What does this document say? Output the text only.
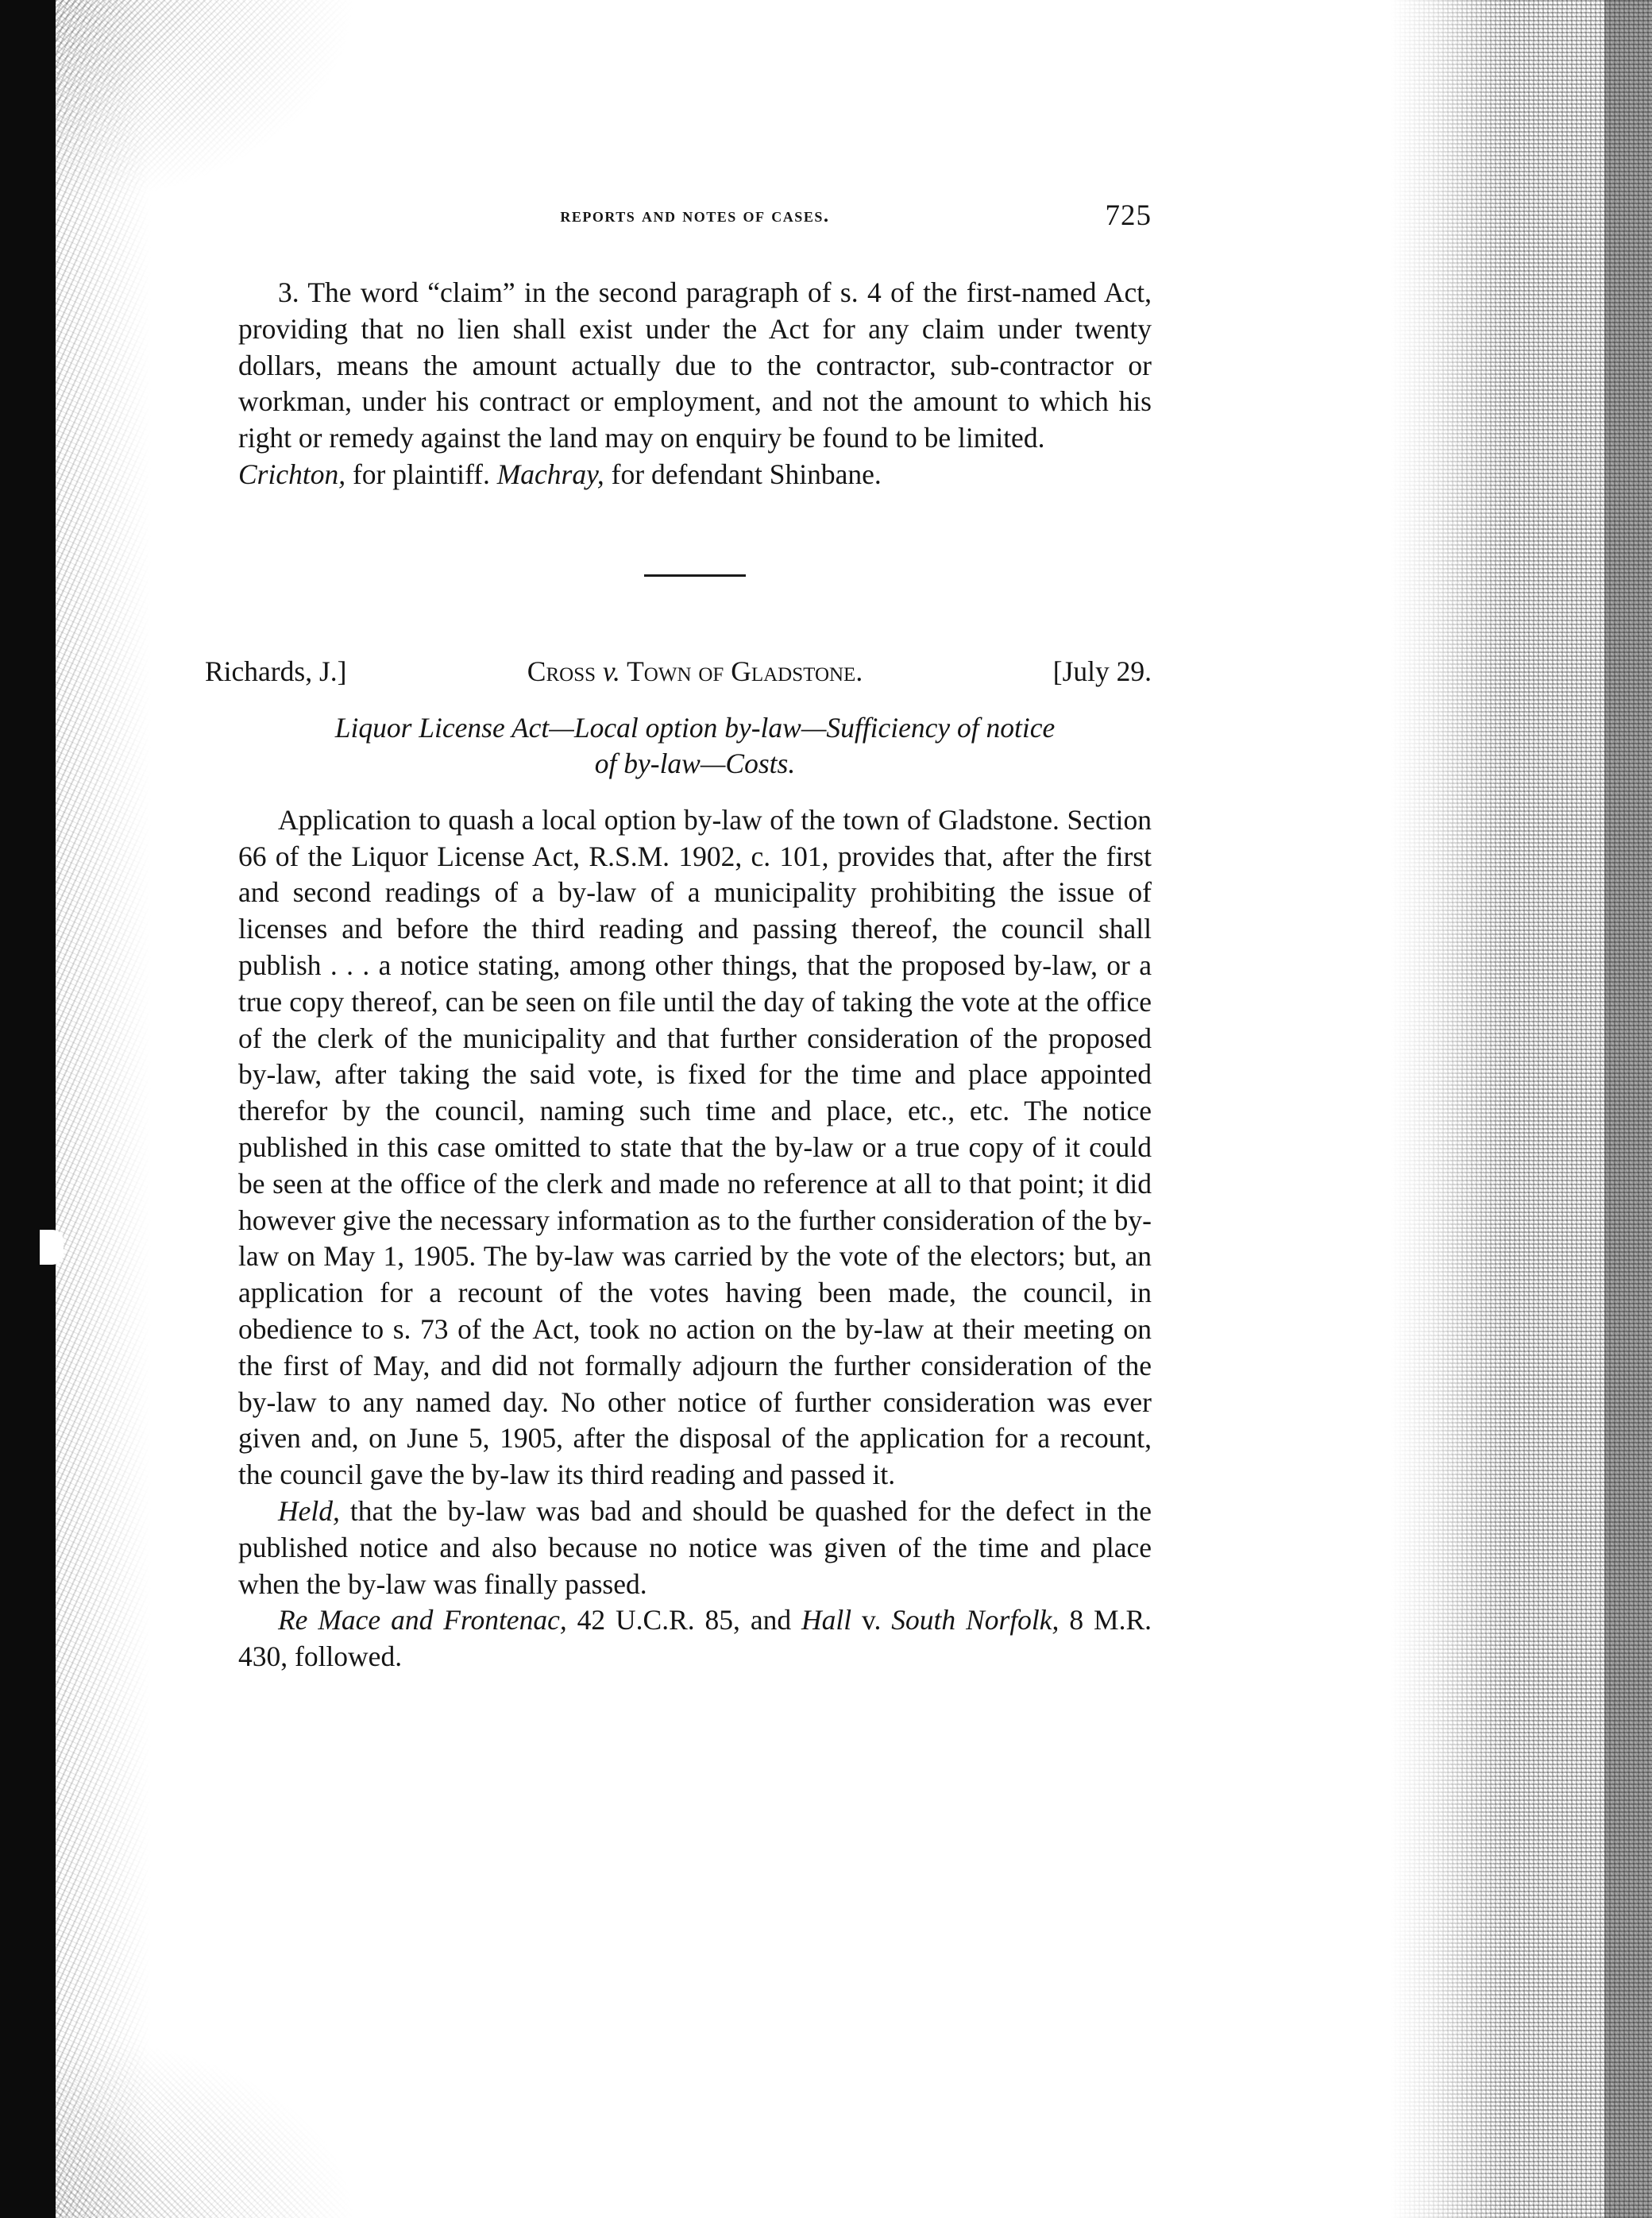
reports and notes of cases.	725

3. The word “claim” in the second paragraph of s. 4 of the first-named Act, providing that no lien shall exist under the Act for any claim under twenty dollars, means the amount actually due to the contractor, sub-contractor or workman, under his contract or employment, and not the amount to which his right or remedy against the land may on enquiry be found to be limited.

Crichton, for plaintiff. Machray, for defendant Shinbane.

Richards, J.]	Cross v. Town of Gladstone.	[July 29.
Liquor License Act—Local option by-law—Sufficiency of notice
of by-law—Costs.

Application to quash a local option by-law of the town of Gladstone. Section 66 of the Liquor License Act, R.S.M. 1902, c. 101, provides that, after the first and second readings of a by-law of a municipality prohibiting the issue of licenses and before the third reading and passing thereof, the council shall publish . . . a notice stating, among other things, that the proposed by-law, or a true copy thereof, can be seen on file until the day of taking the vote at the office of the clerk of the municipality and that further consideration of the proposed by-law, after taking the said vote, is fixed for the time and place appointed therefor by the council, naming such time and place, etc., etc. The notice published in this case omitted to state that the by-law or a true copy of it could be seen at the office of the clerk and made no reference at all to that point; it did however give the necessary information as to the further consideration of the by-law on May 1, 1905. The by-law was carried by the vote of the electors; but, an application for a recount of the votes having been made, the council, in obedience to s. 73 of the Act, took no action on the by-law at their meeting on the first of May, and did not formally adjourn the further consideration of the by-law to any named day. No other notice of further consideration was ever given and, on June 5, 1905, after the disposal of the application for a recount, the council gave the by-law its third reading and passed it.

Held, that the by-law was bad and should be quashed for the defect in the published notice and also because no notice was given of the time and place when the by-law was finally passed.

Re Mace and Frontenac, 42 U.C.R. 85, and Hall v. South Norfolk, 8 M.R. 430, followed.
